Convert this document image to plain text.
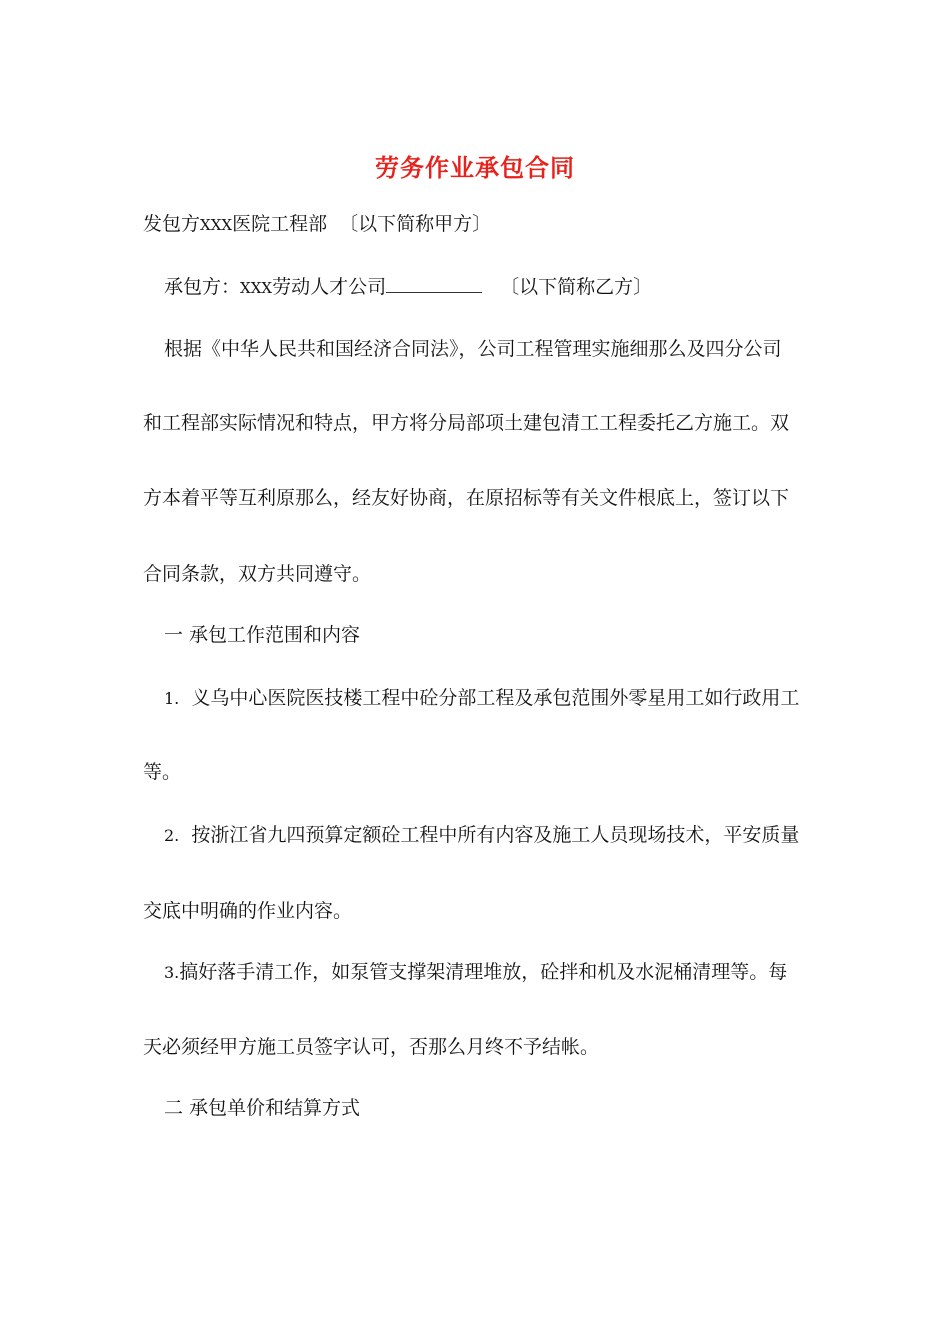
劳务作业承包合同
发包方XXX医院工程部 〔以下简称甲方〕
承包方：XXX劳动人才公司	〔以下简称乙方〕
根据《中华人民共和国经济合同法》，公司工程管理实施细那么及四分公司
和工程部实际情况和特点，甲方将分局部项土建包清工工程委托乙方施工。双
方本着平等互利原那么，经友好协商，在原招标等有关文件根底上，签订以下
合同条款，双方共同遵守。
一 承包工作范围和内容
1. 义乌中心医院医技楼工程中砼分部工程及承包范围外零星用工如行政用工
等。
2. 按浙江省九四预算定额砼工程中所有内容及施工人员现场技术，平安质量
交底中明确的作业内容。
3.搞好落手清工作，如泵管支撑架清理堆放，砼拌和机及水泥桶清理等。每
天必须经甲方施工员签字认可，否那么月终不予结帐。
二 承包单价和结算方式
